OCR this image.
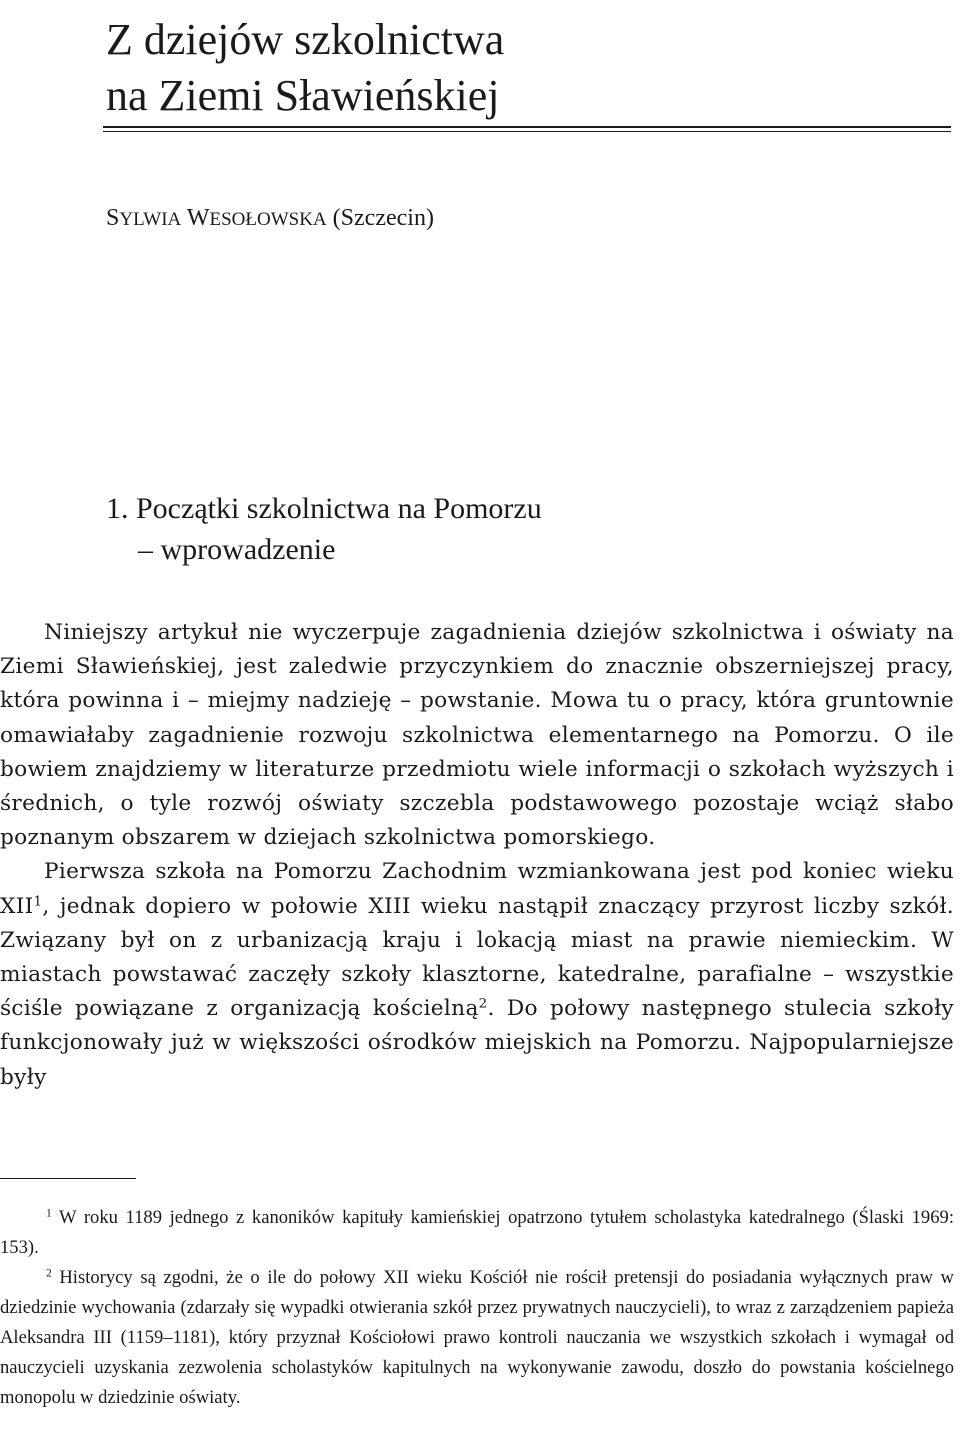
Z dziejów szkolnictwa
na Ziemi Sławieńskiej
SYLWIA WESOŁOWSKA (Szczecin)
1. Początki szkolnictwa na Pomorzu
– wprowadzenie

Niniejszy artykuł nie wyczerpuje zagadnienia dziejów szkolnictwa i oświaty na Ziemi Sławieńskiej, jest zaledwie przyczynkiem do znacznie obszerniejszej pracy, która powinna i – miejmy nadzieję – powstanie. Mowa tu o pracy, która gruntownie omawiałaby zagadnienie rozwoju szkolnictwa elementarnego na Pomorzu. O ile bowiem znajdziemy w literaturze przedmiotu wiele informacji o szkołach wyższych i średnich, o tyle rozwój oświaty szczebla podstawowego pozostaje wciąż słabo poznanym obszarem w dziejach szkolnictwa pomorskiego.

Pierwsza szkoła na Pomorzu Zachodnim wzmiankowana jest pod koniec wieku XII$^1$, jednak dopiero w połowie XIII wieku nastąpił znaczący przyrost liczby szkół. Związany był on z urbanizacją kraju i lokacją miast na prawie niemieckim. W miastach powstawać zaczęły szkoły klasztorne, katedralne, parafialne – wszystkie ściśle powiązane z organizacją kościelną$^2$. Do połowy następnego stulecia szkoły funkcjonowały już w większości ośrodków miejskich na Pomorzu. Najpopularniejsze były

$^1$ W roku 1189 jednego z kanoników kapituły kamieńskiej opatrzono tytułem scholastyka katedralnego (Ślaski 1969: 153).

$^2$ Historycy są zgodni, że o ile do połowy XII wieku Kościół nie rościł pretensji do posiadania wyłącznych praw w dziedzinie wychowania (zdarzały się wypadki otwierania szkół przez prywatnych nauczycieli), to wraz z zarządzeniem papieża Aleksandra III (1159–1181), który przyznał Kościołowi prawo kontroli nauczania we wszystkich szkołach i wymagał od nauczycieli uzyskania zezwolenia scholastyków kapitulnych na wykonywanie zawodu, doszło do powstania kościelnego monopolu w dziedzinie oświaty.
